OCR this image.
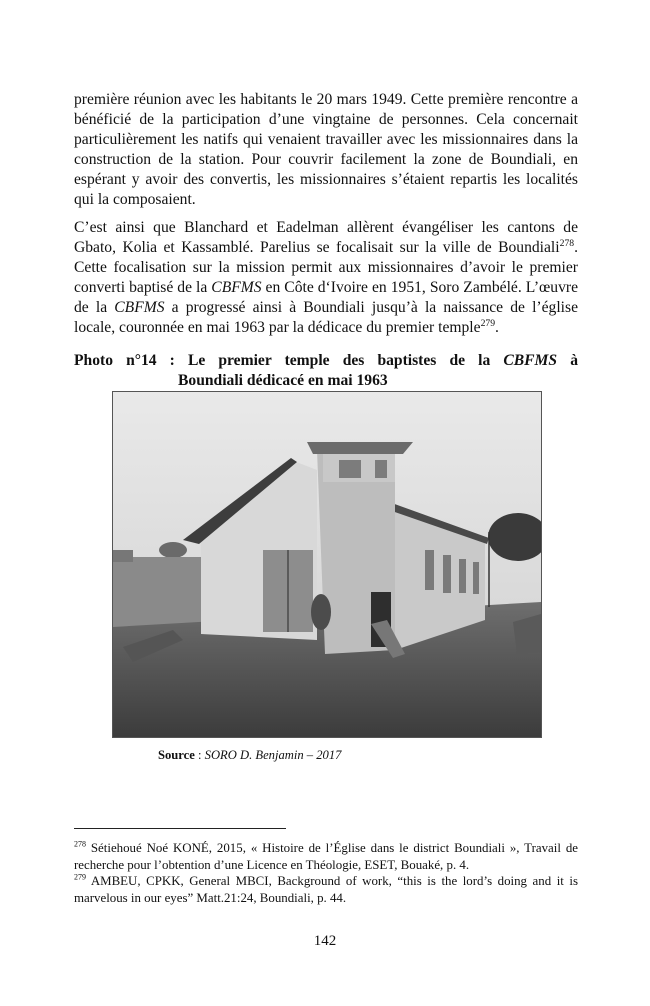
première réunion avec les habitants le 20 mars 1949. Cette première rencontre a bénéficié de la participation d’une vingtaine de personnes. Cela concernait particulièrement les natifs qui venaient travailler avec les missionnaires dans la construction de la station. Pour couvrir facilement la zone de Boundiali, en espérant y avoir des convertis, les missionnaires s’étaient repartis les localités qui la composaient.

C’est ainsi que Blanchard et Eadelman allèrent évangéliser les cantons de Gbato, Kolia et Kassamblé. Parelius se focalisait sur la ville de Boundiali$^{278}$. Cette focalisation sur la mission permit aux missionnaires d’avoir le premier converti baptisé de la CBFMS en Côte d‘Ivoire en 1951, Soro Zambélé. L’œuvre de la CBFMS a progressé ainsi à Boundiali jusqu’à la naissance de l’église locale, couronnée en mai 1963 par la dédicace du premier temple$^{279}$.

Photo n°14 : Le premier temple des baptistes de la CBFMS à
Boundiali dédicacé en mai 1963
Source : SORO D. Benjamin – 2017
$^{278}$ Sétiehoué Noé KONÉ, 2015, « Histoire de l’Église dans le district Boundiali », Travail de recherche pour l’obtention d’une Licence en Théologie, ESET, Bouaké, p. 4.
$^{279}$ AMBEU, CPKK, General MBCI, Background of work, “this is the lord’s doing and it is marvelous in our eyes” Matt.21:24, Boundiali, p. 44.
142
